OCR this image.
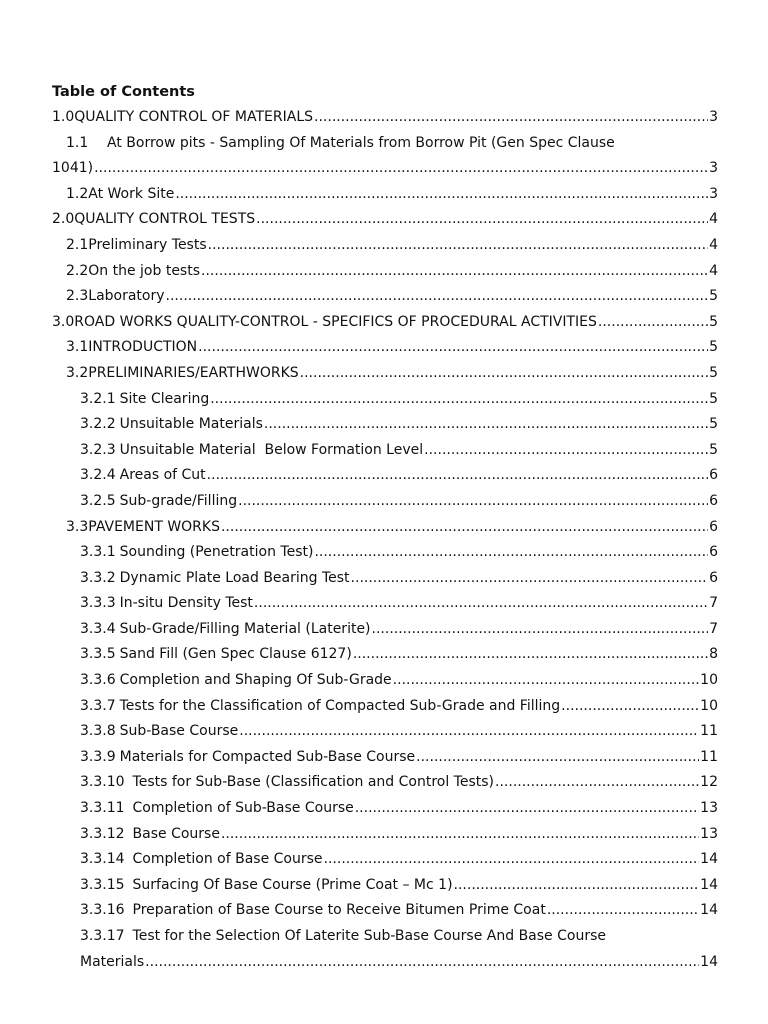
Table of Contents
1.0 QUALITY CONTROL OF MATERIALS .....	3
1.1 At Borrow pits - Sampling Of Materials from Borrow Pit (Gen Spec Clause
1041) .....	3
1.2 At Work Site .....	3
2.0 QUALITY CONTROL TESTS .....	4
2.1 Preliminary Tests .....	4
2.2 On the job tests .....	4
2.3 Laboratory .....	5
3.0 ROAD WORKS QUALITY-CONTROL - SPECIFICS OF PROCEDURAL ACTIVITIES .....	5
3.1 INTRODUCTION .....	5
3.2 PRELIMINARIES/EARTHWORKS .....	5
3.2.1 Site Clearing .....	5
3.2.2 Unsuitable Materials .....	5
3.2.3 Unsuitable Material  Below Formation Level .....	5
3.2.4 Areas of Cut .....	6
3.2.5 Sub-grade/Filling .....	6
3.3 PAVEMENT WORKS .....	6
3.3.1 Sounding (Penetration Test) .....	6
3.3.2 Dynamic Plate Load Bearing Test .....	6
3.3.3 In-situ Density Test .....	7
3.3.4 Sub-Grade/Filling Material (Laterite) .....	7
3.3.5 Sand Fill (Gen Spec Clause 6127) .....	8
3.3.6 Completion and Shaping Of Sub-Grade .....	10
3.3.7 Tests for the Classification of Compacted Sub-Grade and Filling .....	10
3.3.8 Sub-Base Course .....	11
3.3.9 Materials for Compacted Sub-Base Course .....	11
3.3.10 Tests for Sub-Base (Classification and Control Tests) .....	12
3.3.11 Completion of Sub-Base Course .....	13
3.3.12 Base Course .....	13
3.3.14 Completion of Base Course .....	14
3.3.15 Surfacing Of Base Course (Prime Coat – Mc 1) .....	14
3.3.16 Preparation of Base Course to Receive Bitumen Prime Coat .....	14
3.3.17 Test for the Selection Of Laterite Sub-Base Course And Base Course
Materials .....	14
